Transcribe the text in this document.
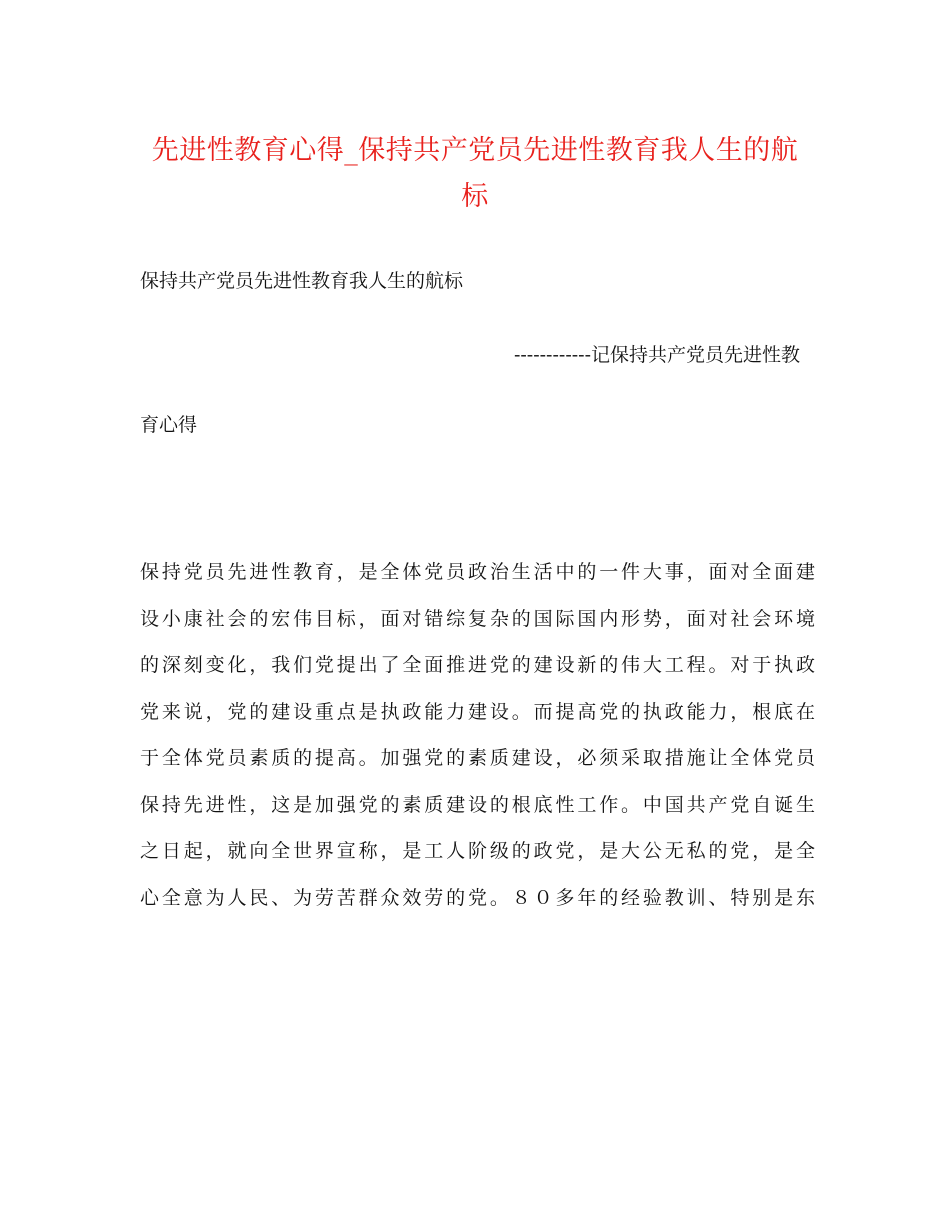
先进性教育心得_保持共产党员先进性教育我人生的航
标
保持共产党员先进性教育我人生的航标
------------记保持共产党员先进性教
育心得
保持党员先进性教育，是全体党员政治生活中的一件大事，面对全面建
设小康社会的宏伟目标，面对错综复杂的国际国内形势，面对社会环境
的深刻变化，我们党提出了全面推进党的建设新的伟大工程。对于执政
党来说，党的建设重点是执政能力建设。而提高党的执政能力，根底在
于全体党员素质的提高。加强党的素质建设，必须采取措施让全体党员
保持先进性，这是加强党的素质建设的根底性工作。中国共产党自诞生
之日起，就向全世界宣称，是工人阶级的政党，是大公无私的党，是全
心全意为人民、为劳苦群众效劳的党。８０多年的经验教训、特别是东
